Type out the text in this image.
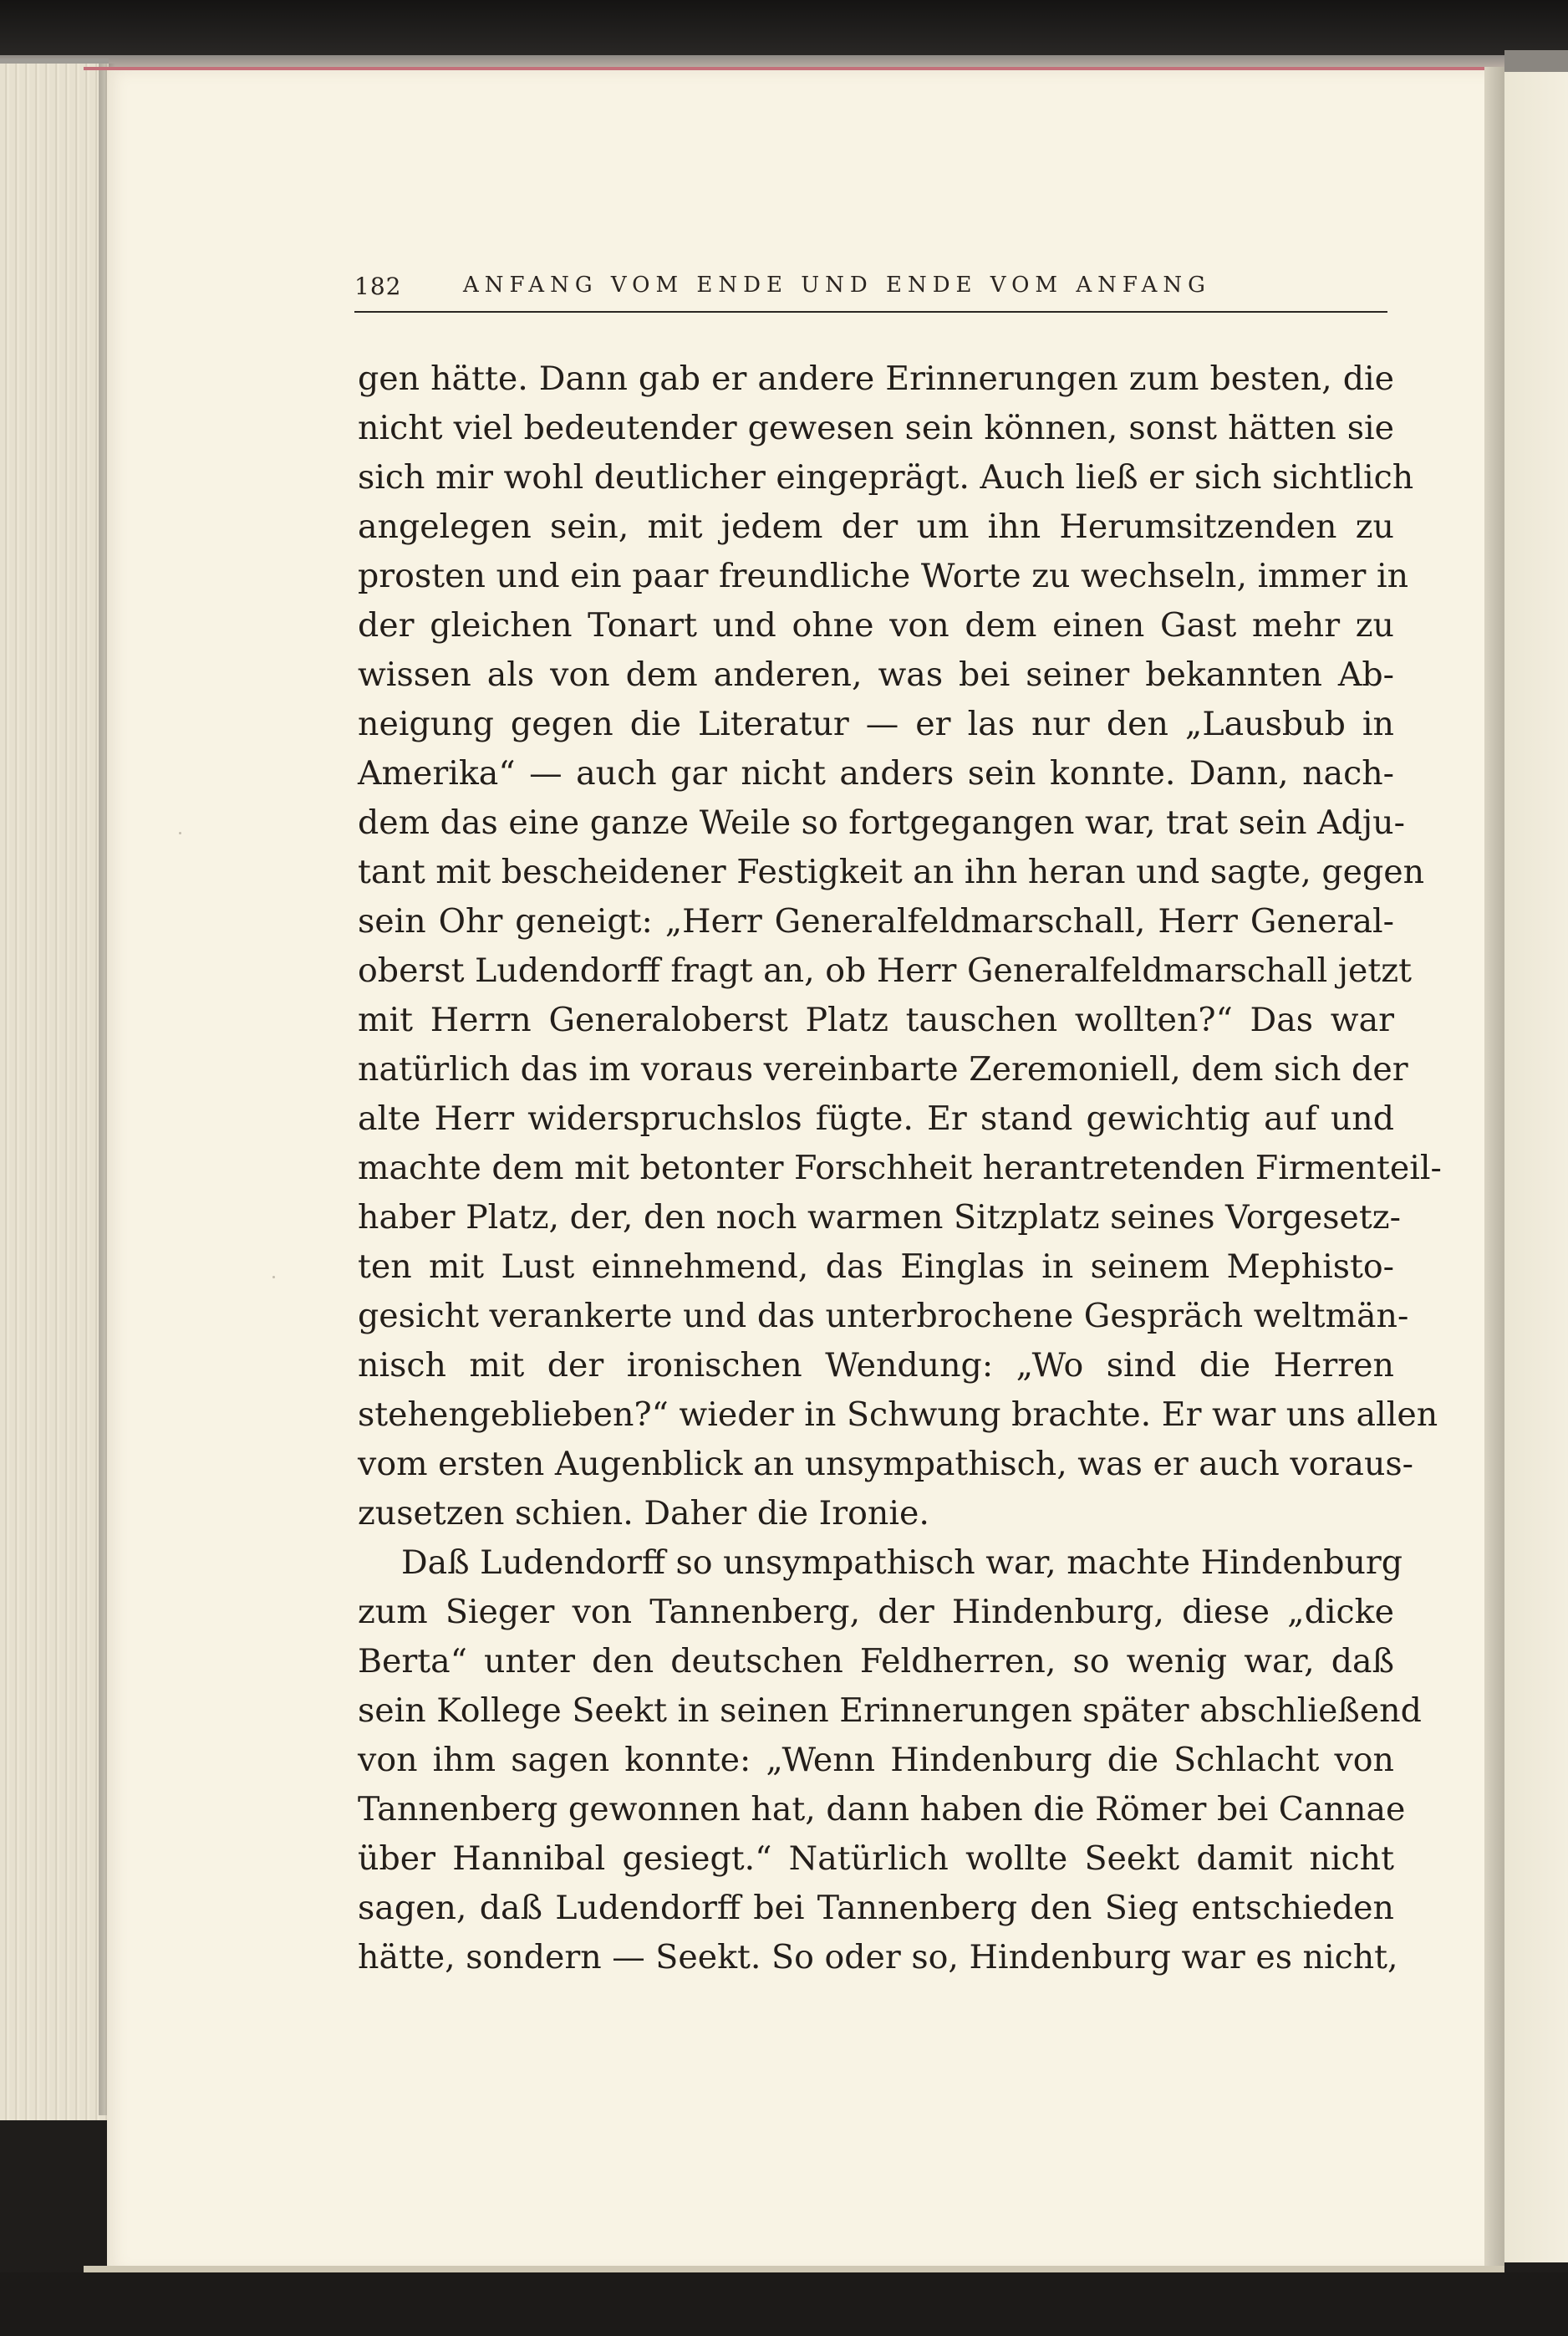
182	ANFANG VOM ENDE UND ENDE VOM ANFANG
gen hätte. Dann gab er andere Erinnerungen zum besten, die
nicht viel bedeutender gewesen sein können, sonst hätten sie
sich mir wohl deutlicher eingeprägt. Auch ließ er sich sichtlich
angelegen sein, mit jedem der um ihn Herumsitzenden zu
prosten und ein paar freundliche Worte zu wechseln, immer in
der gleichen Tonart und ohne von dem einen Gast mehr zu
wissen als von dem anderen, was bei seiner bekannten Ab-
neigung gegen die Literatur — er las nur den „Lausbub in
Amerika“ — auch gar nicht anders sein konnte. Dann, nach-
dem das eine ganze Weile so fortgegangen war, trat sein Adju-
tant mit bescheidener Festigkeit an ihn heran und sagte, gegen
sein Ohr geneigt: „Herr Generalfeldmarschall, Herr General-
oberst Ludendorff fragt an, ob Herr Generalfeldmarschall jetzt
mit Herrn Generaloberst Platz tauschen wollten?“ Das war
natürlich das im voraus vereinbarte Zeremoniell, dem sich der
alte Herr widerspruchslos fügte. Er stand gewichtig auf und
machte dem mit betonter Forschheit herantretenden Firmenteil-
haber Platz, der, den noch warmen Sitzplatz seines Vorgesetz-
ten mit Lust einnehmend, das Einglas in seinem Mephisto-
gesicht verankerte und das unterbrochene Gespräch weltmän-
nisch mit der ironischen Wendung: „Wo sind die Herren
stehengeblieben?“ wieder in Schwung brachte. Er war uns allen
vom ersten Augenblick an unsympathisch, was er auch voraus-
zusetzen schien. Daher die Ironie.
Daß Ludendorff so unsympathisch war, machte Hindenburg
zum Sieger von Tannenberg, der Hindenburg, diese „dicke
Berta“ unter den deutschen Feldherren, so wenig war, daß
sein Kollege Seekt in seinen Erinnerungen später abschließend
von ihm sagen konnte: „Wenn Hindenburg die Schlacht von
Tannenberg gewonnen hat, dann haben die Römer bei Cannae
über Hannibal gesiegt.“ Natürlich wollte Seekt damit nicht
sagen, daß Ludendorff bei Tannenberg den Sieg entschieden
hätte, sondern — Seekt. So oder so, Hindenburg war es nicht,
